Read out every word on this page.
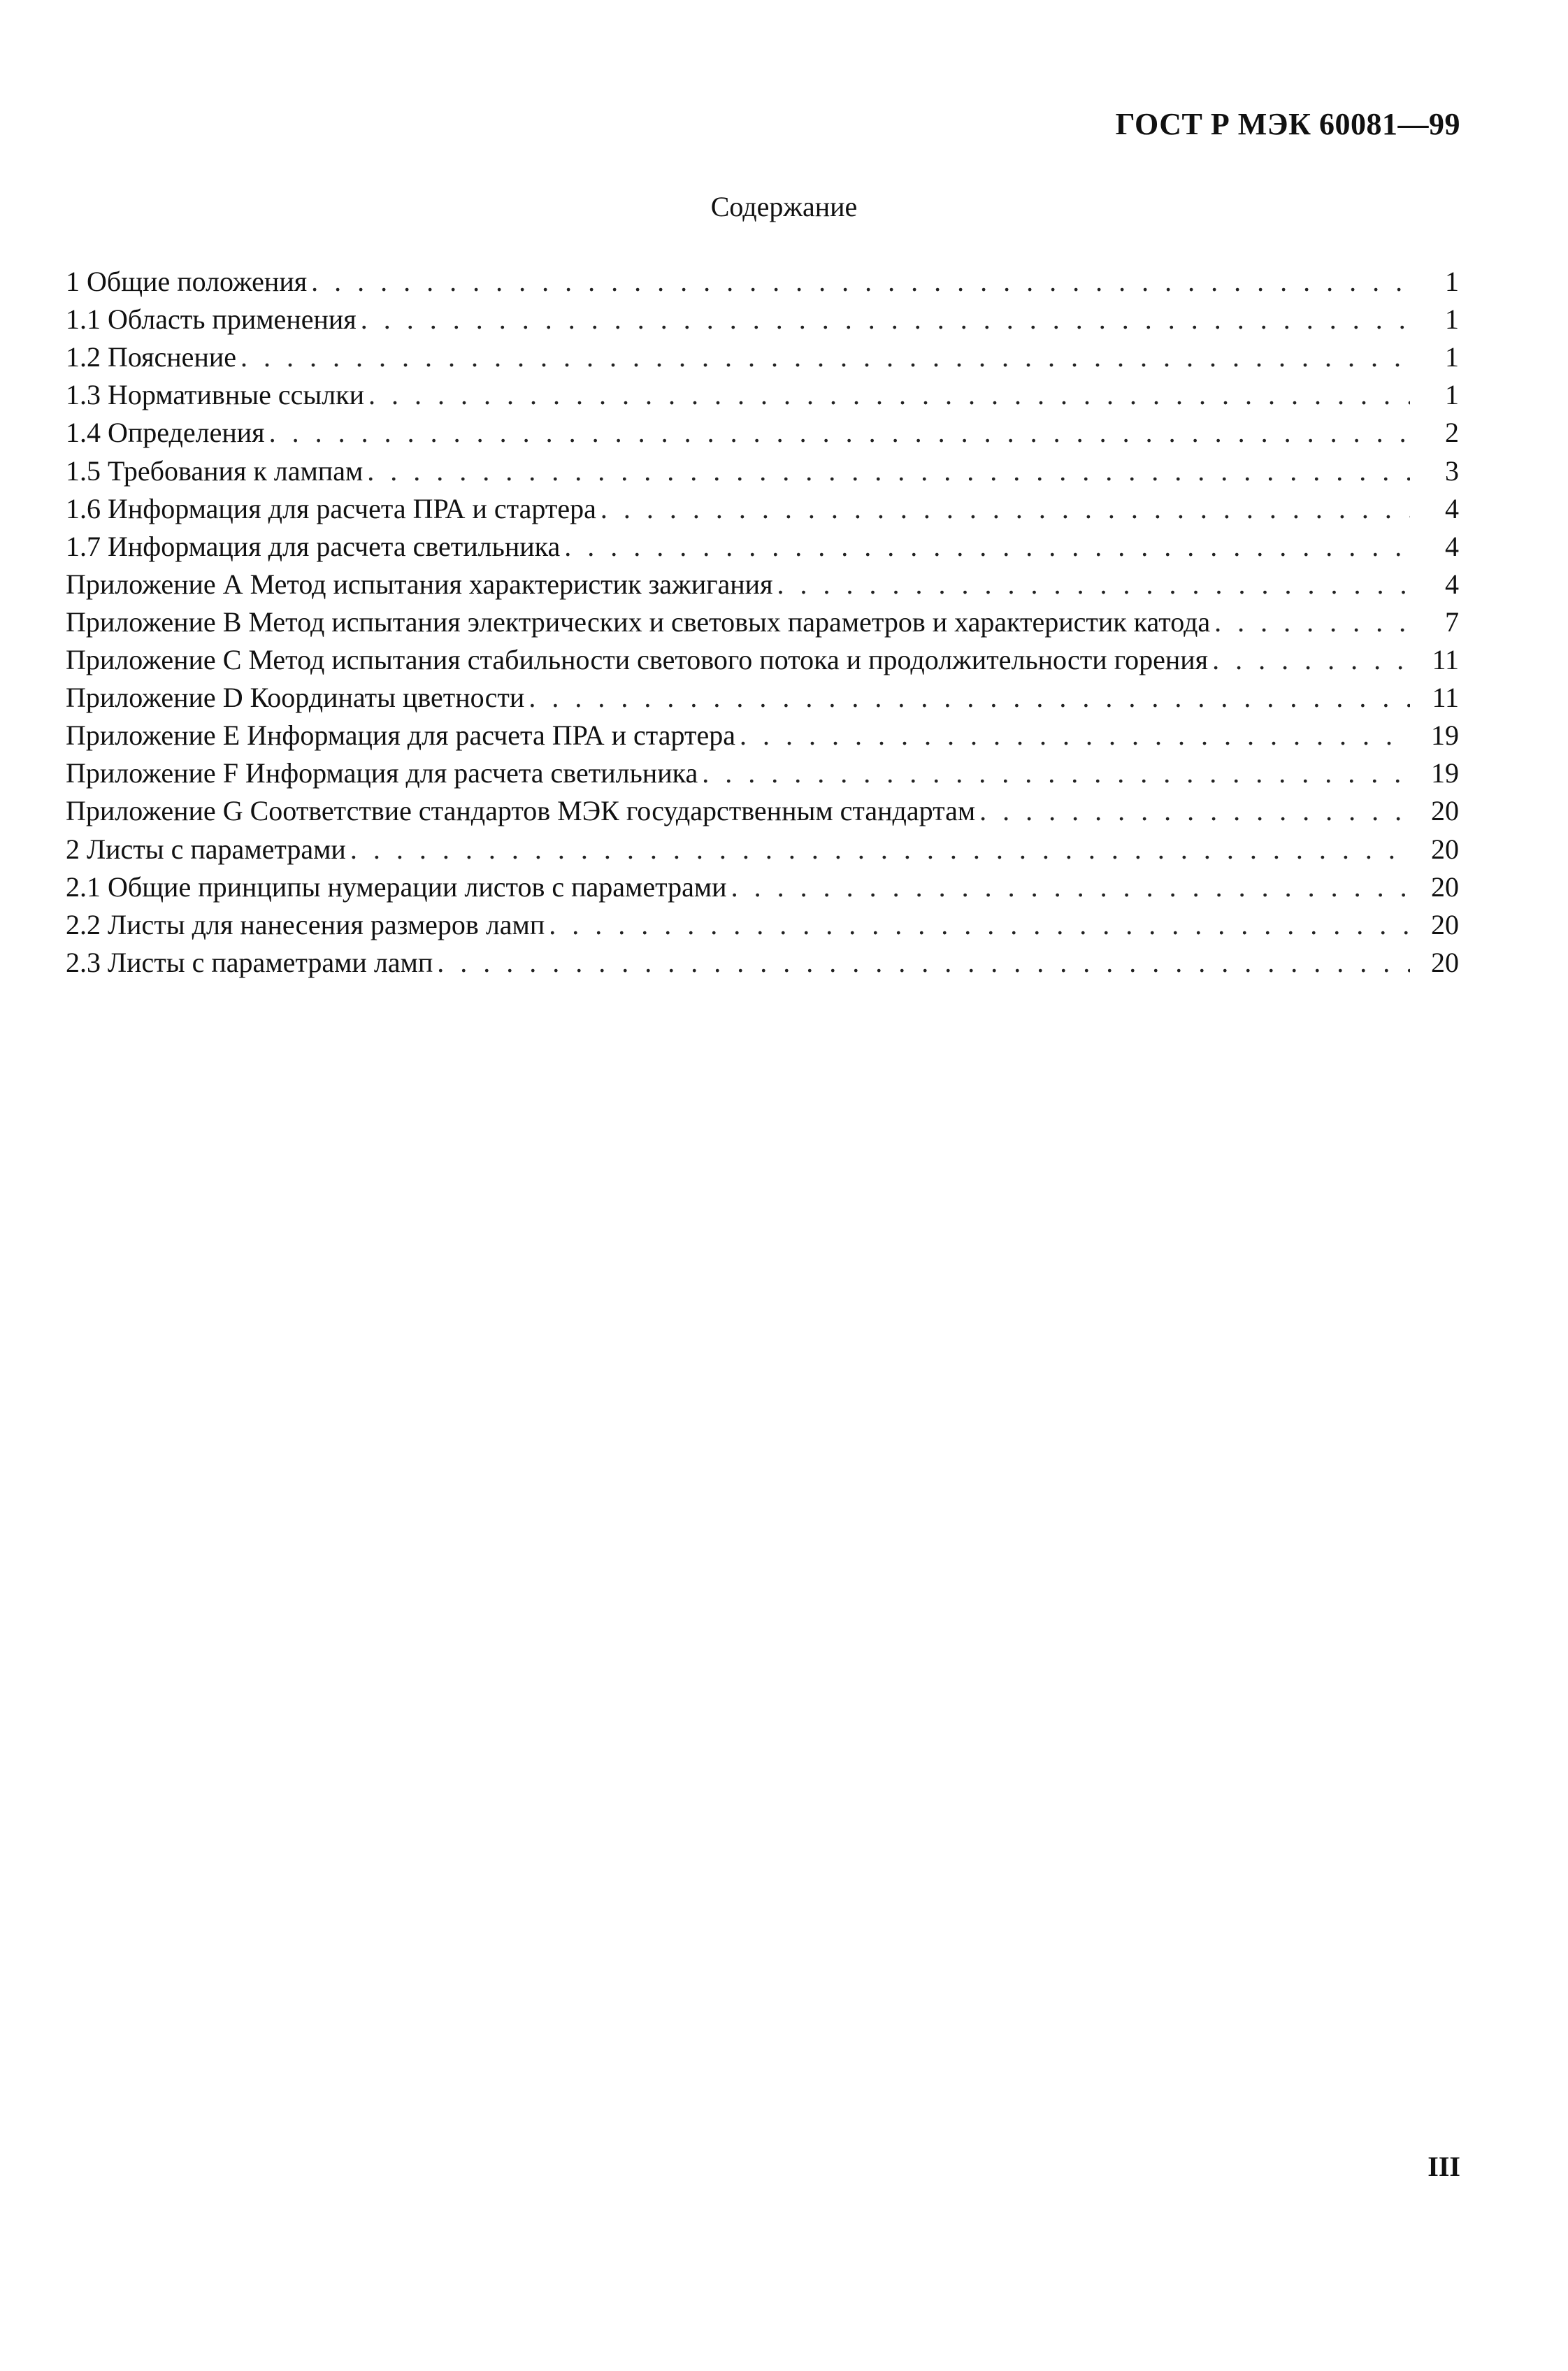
ГОСТ Р МЭК 60081—99
Содержание
1 Общие положения . . .	1
1.1 Область применения . . .	1
1.2 Пояснение . . .	1
1.3 Нормативные ссылки . . .	1
1.4 Определения . . .	2
1.5 Требования к лампам . . .	3
1.6 Информация для расчета ПРА и стартера . . .	4
1.7 Информация для расчета светильника . . .	4
Приложение А Метод испытания характеристик зажигания . . .	4
Приложение В Метод испытания электрических и световых параметров и характеристик катода . . .	7
Приложение С Метод испытания стабильности светового потока и продолжительности горения . . .	11
Приложение D Координаты цветности . . .	11
Приложение Е Информация для расчета ПРА и стартера . . .	19
Приложение F Информация для расчета светильника . . .	19
Приложение G Соответствие стандартов МЭК государственным стандартам . . .	20
2 Листы с параметрами . . .	20
2.1 Общие принципы нумерации листов с параметрами . . .	20
2.2 Листы для нанесения размеров ламп . . .	20
2.3 Листы с параметрами ламп . . .	20
III
